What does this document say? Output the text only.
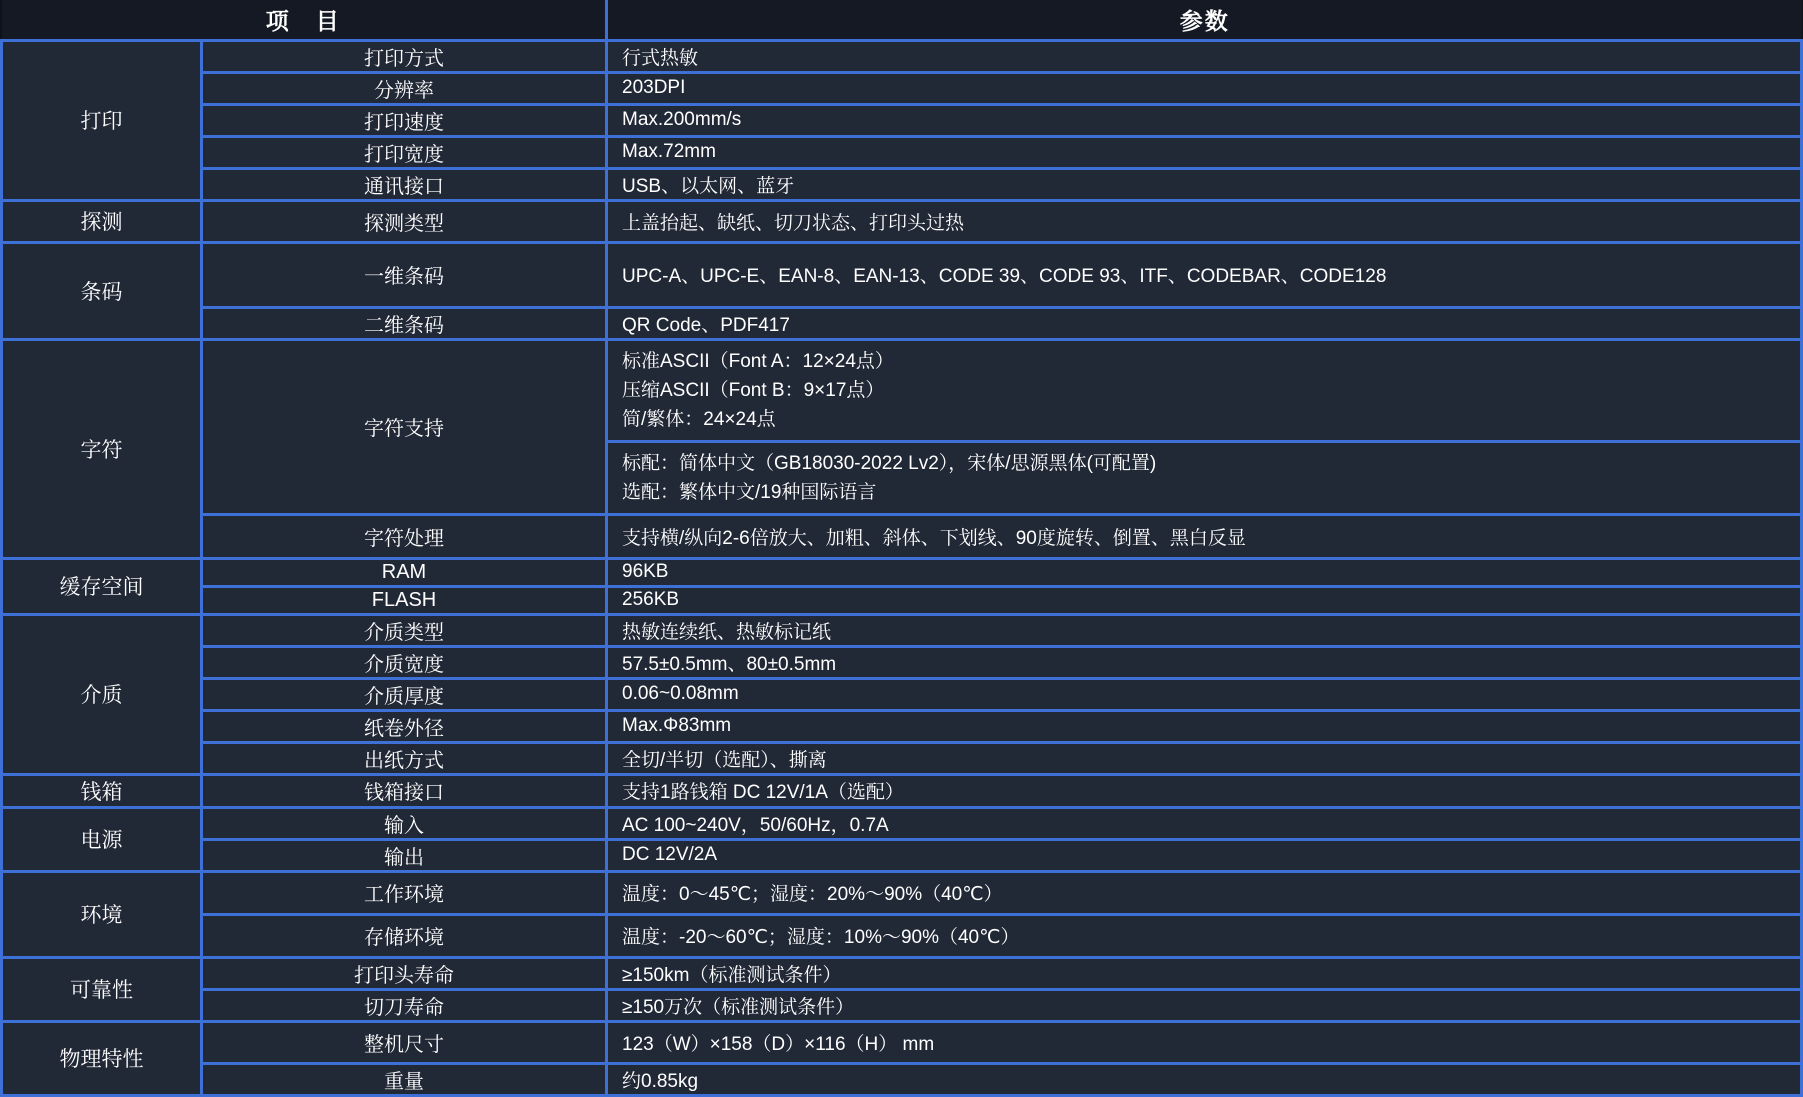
项　目		参数
打印	打印方式	行式热敏
	分辨率	203DPI
	打印速度	Max.200mm/s
	打印宽度	Max.72mm
	通讯接口	USB、以太网、蓝牙
探测	探测类型	上盖抬起、缺纸、切刀状态、打印头过热
条码	一维条码	UPC-A、UPC-E、EAN-8、EAN-13、CODE 39、CODE 93、ITF、CODEBAR、CODE128
	二维条码	QR Code、PDF417
字符	字符支持	标准ASCII（Font A：12×24点）
压缩ASCII（Font B：9×17点）
简/繁体：24×24点

		标配：简体中文（GB18030-2022 Lv2），宋体/思源黑体(可配置)
选配：繁体中文/19种国际语言

	字符处理	支持横/纵向2-6倍放大、加粗、斜体、下划线、90度旋转、倒置、黑白反显
缓存空间	RAM	96KB
	FLASH	256KB
介质	介质类型	热敏连续纸、热敏标记纸
	介质宽度	57.5±0.5mm、80±0.5mm
	介质厚度	0.06~0.08mm
	纸卷外径	Max.Φ83mm
	出纸方式	全切/半切（选配）、撕离
钱箱	钱箱接口	支持1路钱箱 DC 12V/1A（选配）
电源	输入	AC 100~240V，50/60Hz，0.7A
	输出	DC 12V/2A
环境	工作环境	温度：0～45℃；湿度：20%～90%（40℃）
	存储环境	温度：-20～60℃；湿度：10%～90%（40℃）
可靠性	打印头寿命	≥150km（标准测试条件）
	切刀寿命	≥150万次（标准测试条件）
物理特性	整机尺寸	123（W）×158（D）×116（H） mm
	重量	约0.85kg
